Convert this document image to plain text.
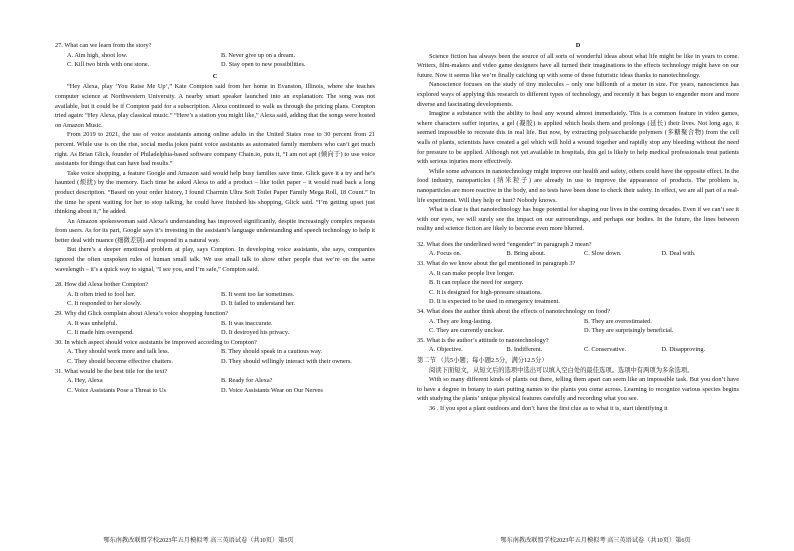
27. What can we learn from the story?

A. Aim high, shoot low.	B. Never give up on a dream.
C. Kill two birds with one stone.	D. Stay open to new possibilities.
C

“Hey Alexa, play ‘You Raise Me Up’,” Kate Compton said from her home in Evanston, Illinois, where she teaches computer science at Northwestern University. A nearby smart speaker launched into an explanation: The song was not available, but it could be if Compton paid for a subscription. Alexa continued to walk us through the pricing plans. Compton tried again: “Hey Alexa, play classical music.” “Here’s a station you might like,” Alexa said, adding that the songs were hosted on Amazon Music.

From 2019 to 2021, the use of voice assistants among online adults in the United States rose to 30 percent from 21 percent. While use is on the rise, social media jokes paint voice assistants as automated family members who can’t get much right. As Brian Glick, founder of Philadelphia-based software company Chain.io, puts it, “I am not apt (倾向于) to use voice assistants for things that can have bad results.”

Take voice shopping, a feature Google and Amazon said would help busy families save time. Glick gave it a try and he’s haunted (烦扰) by the memory. Each time he asked Alexa to add a product – like toilet paper – it would read back a long product description. “Based on your order history, I found Charmin Ultra Soft Toilet Paper Family Mega Roll, 18 Count.” In the time he spent waiting for her to stop talking, he could have finished his shopping, Glick said. “I’m getting upset just thinking about it,” he added.

An Amazon spokeswoman said Alexa’s understanding has improved significantly, despite increasingly complex requests from users. As for its part, Google says it’s investing in the assistant’s language understanding and speech technology to help it better deal with nuance (细微差别) and respond in a natural way.

But there’s a deeper emotional problem at play, says Compton. In developing voice assistants, she says, companies ignored the often unspoken rules of human small talk. We use small talk to show other people that we’re on the same wavelength – it’s a quick way to signal, “I see you, and I’m safe,” Compton said.

28. How did Alexa bother Compton?

A. It often tried to fool her.	B. It went too far sometimes.
C. It responded to her slowly.	D. It failed to understand her.

29. Why did Glick complain about Alexa’s voice shopping function?

A. It was unhelpful.	B. It was inaccurate.
C. It made him overspend.	D. It destroyed his privacy.

30. In which aspect should voice assistants be improved according to Compton?

A. They should work more and talk less.	B. They should speak in a cautious way.
C. They should become effective chatters.	D. They should willingly interact with their owners.

31. What would be the best title for the text?

A. Hey, Alexa	B. Ready for Alexa?
C. Voice Assistants Pose a Threat to Us	D. Voice Assistants Wear on Our Nerves
鄂东南教改联盟学校2023年五月模拟考 高三英语试卷（共10页）第5页
D

Science fiction has always been the source of all sorts of wonderful ideas about what life might be like in years to come. Writers, film-makers and video game designers have all turned their imaginations to the effects technology might have on our future. Now it seems like we’re finally catching up with some of these futuristic ideas thanks to nanotechnology.

Nanoscience focuses on the study of tiny molecules – only one billionth of a meter in size. For years, nanoscience has explored ways of applying this research to different types of technology, and recently it has begun to engender more and more diverse and fascinating developments.

Imagine a substance with the ability to heal any wound almost immediately. This is a common feature in video games, where characters suffer injuries, a gel (凝胶) is applied which heals them and prolongs (延长) their lives. Not long ago, it seemed impossible to recreate this in real life. But now, by extracting polysaccharide polymers (多糖聚合物) from the cell walls of plants, scientists have created a gel which will hold a wound together and rapidly stop any bleeding without the need for pressure to be applied. Although not yet available in hospitals, this gel is likely to help medical professionals treat patients with serious injuries more effectively.

While some advances in nanotechnology might improve our health and safety, others could have the opposite effect. In the food industry, nanoparticles (纳米粒子) are already in use to improve the appearance of products. The problem is, nanoparticles are more reactive in the body, and no tests have been done to check their safety. In effect, we are all part of a real-life experiment. Will they help or hurt? Nobody knows.

What is clear is that nanotechnology has huge potential for shaping our lives in the coming decades. Even if we can’t see it with our eyes, we will surely see the impact on our surroundings, and perhaps our bodies. In the future, the lines between reality and science fiction are likely to become even more blurred.

32. What does the underlined word “engender” in paragraph 2 mean?

A. Focus on.	B. Bring about.	C. Slow down.	D. Deal with.

33. What do we know about the gel mentioned in paragraph 3?

A. It can make people live longer.
B. It can replace the need for surgery.
C. It is designed for high-pressure situations.
D. It is expected to be used in emergency treatment.

34. What does the author think about the effects of nanotechnology on food?

A. They are long-lasting.	B. They are overestimated.
C. They are currently unclear.	D. They are surprisingly beneficial.

35. What is the author’s attitude to nanotechnology?

A. Objective.	B. Indifferent.	C. Conservative.	D. Disapproving.

第二节 （共5小题；每小题2.5分，满分12.5分）

阅读下面短文，从短文后的选项中选出可以填入空白处的最佳选项。选项中有两项为多余选项。

With so many different kinds of plants out there, telling them apart can seem like an impossible task. But you don’t have to have a degree in botany to start putting names to the plants you come across. Learning to recognize various species begins with studying the plants’ unique physical features carefully and recording what you see.

36 . If you spot a plant outdoors and don’t have the first clue as to what it is, start identifying it

鄂东南教改联盟学校2023年五月模拟考 高三英语试卷（共10页）第6页
